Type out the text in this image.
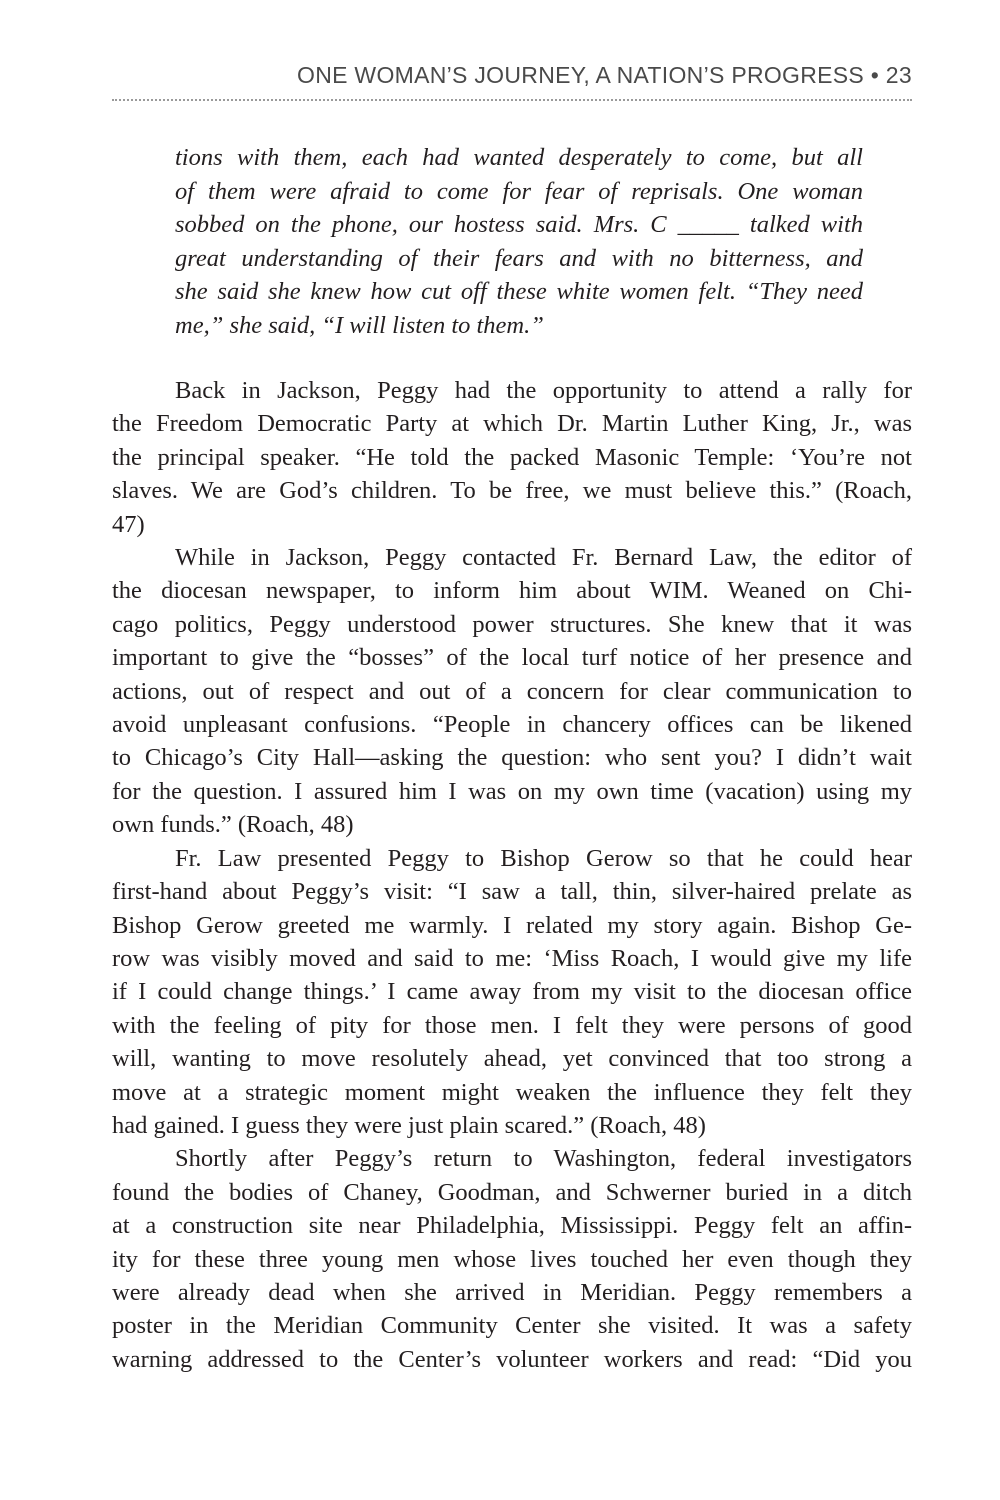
ONE WOMAN’S JOURNEY, A NATION’S PROGRESS • 23
tions with them, each had wanted desperately to come, but all
of them were afraid to come for fear of reprisals. One woman
sobbed on the phone, our hostess said. Mrs. C _____ talked with
great understanding of their fears and with no bitterness, and
she said she knew how cut off these white women felt. “They need
me,” she said, “I will listen to them.”

Back in Jackson, Peggy had the opportunity to attend a rally for
the Freedom Democratic Party at which Dr. Martin Luther King, Jr., was
the principal speaker. “He told the packed Masonic Temple: ‘You’re not
slaves. We are God’s children. To be free, we must believe this.” (Roach,
47)

While in Jackson, Peggy contacted Fr. Bernard Law, the editor of
the diocesan newspaper, to inform him about WIM. Weaned on Chi-
cago politics, Peggy understood power structures. She knew that it was
important to give the “bosses” of the local turf notice of her presence and
actions, out of respect and out of a concern for clear communication to
avoid unpleasant confusions. “People in chancery offices can be likened
to Chicago’s City Hall—asking the question: who sent you? I didn’t wait
for the question. I assured him I was on my own time (vacation) using my
own funds.” (Roach, 48)

Fr. Law presented Peggy to Bishop Gerow so that he could hear
first-hand about Peggy’s visit: “I saw a tall, thin, silver-haired prelate as
Bishop Gerow greeted me warmly. I related my story again. Bishop Ge-
row was visibly moved and said to me: ‘Miss Roach, I would give my life
if I could change things.’ I came away from my visit to the diocesan office
with the feeling of pity for those men. I felt they were persons of good
will, wanting to move resolutely ahead, yet convinced that too strong a
move at a strategic moment might weaken the influence they felt they
had gained. I guess they were just plain scared.” (Roach, 48)

Shortly after Peggy’s return to Washington, federal investigators
found the bodies of Chaney, Goodman, and Schwerner buried in a ditch
at a construction site near Philadelphia, Mississippi. Peggy felt an affin-
ity for these three young men whose lives touched her even though they
were already dead when she arrived in Meridian. Peggy remembers a
poster in the Meridian Community Center she visited. It was a safety
warning addressed to the Center’s volunteer workers and read: “Did you
